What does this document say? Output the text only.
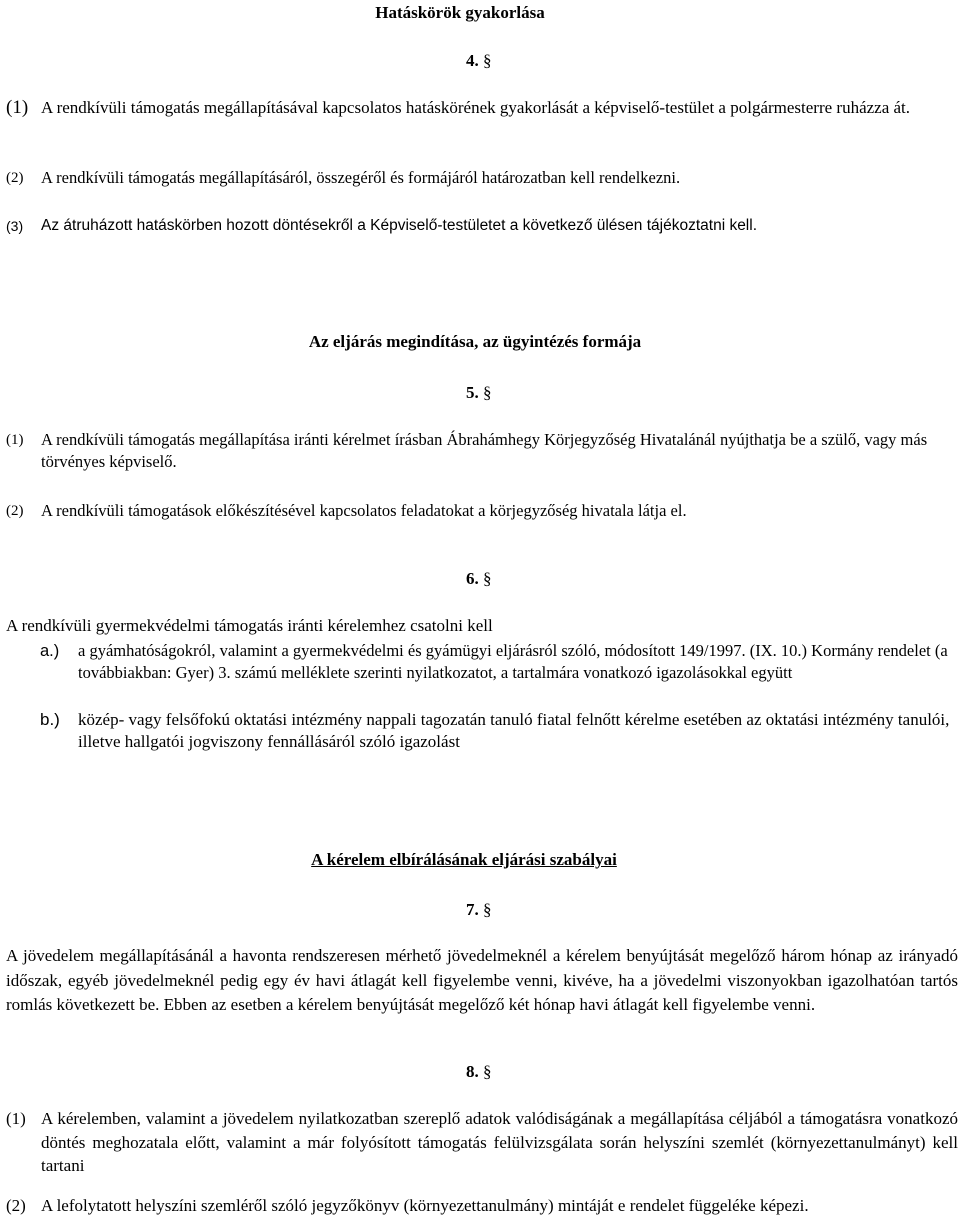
Hatáskörök gyakorlása
4. §
(1) A rendkívüli támogatás megállapításával kapcsolatos hatáskörének gyakorlását a képviselő-testület a polgármesterre ruházza át.
(2)	A rendkívüli támogatás megállapításáról, összegéről és formájáról határozatban kell rendelkezni.
(3)	Az átruházott hatáskörben hozott döntésekről a Képviselő-testületet a következő ülésen tájékoztatni kell.
Az eljárás megindítása, az ügyintézés formája
5. §
(1)	A rendkívüli támogatás megállapítása iránti kérelmet írásban Ábrahámhegy Körjegyzőség Hivatalánál nyújthatja be a szülő, vagy más törvényes képviselő.
(2)	A rendkívüli támogatások előkészítésével kapcsolatos feladatokat a körjegyzőség hivatala látja el.
6. §
A rendkívüli gyermekvédelmi támogatás iránti kérelemhez csatolni kell
a.)	a gyámhatóságokról, valamint a gyermekvédelmi és gyámügyi eljárásról szóló, módosított 149/1997. (IX. 10.) Kormány rendelet (a továbbiakban: Gyer) 3. számú melléklete szerinti nyilatkozatot, a tartalmára vonatkozó igazolásokkal együtt
b.)	közép- vagy felsőfokú oktatási intézmény nappali tagozatán tanuló fiatal felnőtt kérelme esetében az oktatási intézmény tanulói, illetve hallgatói jogviszony fennállásáról szóló igazolást
A kérelem elbírálásának eljárási szabályai
7. §
A jövedelem megállapításánál a havonta rendszeresen mérhető jövedelmeknél a kérelem benyújtását megelőző három hónap az irányadó időszak, egyéb jövedelmeknél pedig egy év havi átlagát kell figyelembe venni, kivéve, ha a jövedelmi viszonyokban igazolhatóan tartós romlás következett be. Ebben az esetben a kérelem benyújtását megelőző két hónap havi átlagát kell figyelembe venni.
8. §
(1) A kérelemben, valamint a jövedelem nyilatkozatban szereplő adatok valódiságának a megállapítása céljából a támogatásra vonatkozó döntés meghozatala előtt, valamint a már folyósított támogatás felülvizsgálata során helyszíni szemlét (környezettanulmányt) kell tartani
(2) A lefolytatott helyszíni szemléről szóló jegyzőkönyv (környezettanulmány) mintáját e rendelet függeléke képezi.
